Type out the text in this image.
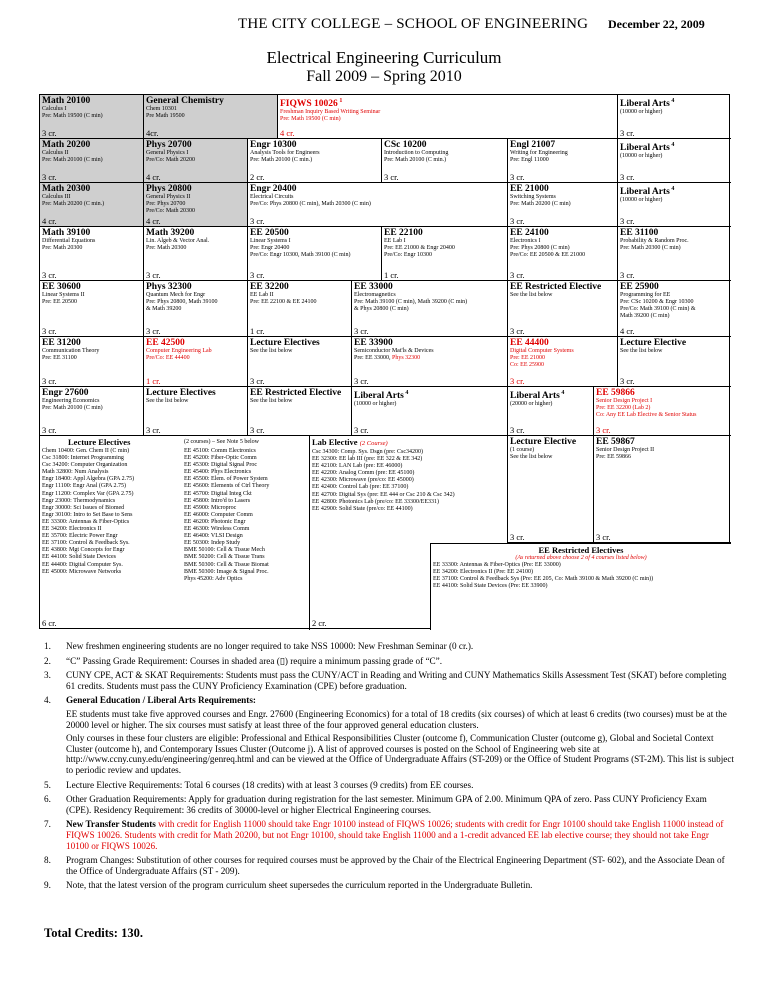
THE CITY COLLEGE – SCHOOL OF ENGINEERING December 22, 2009
Electrical Engineering Curriculum
Fall 2009 – Spring 2010
Math 20100
Calculus I
Pre: Math 19500 (C min)
3 cr.
General Chemistry
Chem 10301
Pre Math 19500
4cr.
FIQWS 10026 $^1$
Freshman Inquiry Based Writing Seminar
Pre: Math 19500 (C min)
4 cr.
Liberal Arts $^4$
(10000 or higher)
3 cr.
Math 20200
Calculus II
Pre: Math 20100 (C min)
3 cr.
Phys 20700
General Physics I
Pre/Co: Math 20200
4 cr.
Engr 10300
Analysis Tools for Engineers
Pre: Math 20100 (C min.)
2 cr.
CSc 10200
Introduction to Computing
Pre: Math 20100 (C min.)
3 cr.
Engl 21007
Writing for Engineering
Pre: Engl 11000
3 cr.
Liberal Arts $^4$
(10000 or higher)
3 cr.
Math 20300
Calculus III
Pre: Math 20200 (C min.)
4 cr.
Phys 20800
General Physics II
Pre: Phys 20700
Pre/Co: Math 20300
4 cr.
Engr 20400
Electrical Circuits
Pre/Co: Phys 20800 (C min), Math 20300 (C min)
3 cr.
EE 21000
Switching Systems
Pre: Math 20200 (C min)
3 cr.
Liberal Arts $^4$
(10000 or higher)
3 cr.
Math 39100
Differential Equations
Pre: Math 20300
3 cr.
Math 39200
Lin. Algeb & Vector Anal.
Pre: Math 20300
3 cr.
EE 20500
Linear Systems I
Pre: Engr 20400
Pre/Co: Engr 10300, Math 39100 (C min)
3 cr.
EE 22100
EE Lab I
Pre: EE 21000 & Engr 20400
Pre/Co: Engr 10300
1 cr.
EE 24100
Electronics I
Pre: Phys 20800 (C min)
Pre/Co: EE 20500 & EE 21000
3 cr.
EE 31100
Probability & Random Proc.
Pre: Math 20300 (C min)
3 cr.
EE 30600
Linear Systems II
Pre: EE 20500
3 cr.
Phys 32300
Quantum Mech for Engr
Pre: Phys 20800, Math 39100
& Math 39200
3 cr.
EE 32200
EE Lab II
Pre: EE 22100 & EE 24100
1 cr.
EE 33000
Electromagnetics
Pre: Math 39100 (C min), Math 39200 (C min)
& Phys 20800 (C min)
3 cr.
EE Restricted Elective
See the list below
3 cr.
EE 25900
Programming for EE
Pre: CSc 10200 & Engr 10300
Pre/Co: Math 39100 (C min) &
Math 39200 (C min)
4 cr.
EE 31200
Communication Theory
Pre: EE 31100
3 cr.
EE 42500
Computer Engineering Lab
Pre/Co: EE 44400
1 cr.
Lecture Electives
See the list below
3 cr.
EE 33900
Semiconductor Mat'ls & Devices
Pre: EE 33000, Phys 32300
3 cr.
EE 44400
Digital Computer Systems
Pre: EE 21000
Co: EE 25900
3 cr.
Lecture Elective
See the list below
3 cr.
Engr 27600
Engineering Economics
Pre: Math 20100 (C min)
3 cr.
Lecture Electives
See the list below
3 cr.
EE Restricted Elective
See the list below
3 cr.
Liberal Arts $^4$
(10000 or higher)
3 cr.
Liberal Arts $^4$
(20000 or higher)
3 cr.
EE 59866
Senior Design Project I
Pre: EE 32200 (Lab 2)
Co: Any EE Lab Elective & Senior Status
3 cr.
Lecture Elective
(1 course)
See the list below
3 cr.
EE 59867
Senior Design Project II
Pre: EE 59866
3 cr.
Lecture Electives	(2 courses) – See Note 5 below
Chem 10400: Gen. Chem II (C min)
Csc 31800: Internet Programming
Csc 34200: Computer Organization
Math 32800: Num Analysis
Engr 18400: Appl Algebra (GPA 2.75)
Engr 11100: Engr Anal (GPA 2.75)
Engr 11200: Complex Var (GPA 2.75)
Engr 23000: Thermodynamics
Engr 30000: Sci Issues of Biomed
Engr 30100: Intro to Set Base to Sens
EE 33300: Antennas & Fiber-Optics
EE 34200: Electronics II
EE 35700: Electric Power Engr
EE 37100: Control & Feedback Sys.
EE 43800: Mgt Concepts for Engr
EE 44100: Solid State Devices
EE 44400: Digital Computer Sys.
EE 45000: Microwave Networks
EE 45100: Comm Electronics
EE 45200: Fiber-Optic Comm
EE 45300: Digital Signal Proc
EE 45400: Phys Electronics
EE 45500: Elem. of Power System
EE 45600: Elements of Ctrl Theory
EE 45700: Digital Integ Ckt
EE 45800: Intro'd to Lasers
EE 45900: Microproc
EE 46000: Computer Comm
EE 46200: Photonic Engr
EE 46300: Wireless Comm
EE 46400: VLSI Design
EE 50300: Indep Study
BME 50100: Cell & Tissue Mech
BME 50200: Cell & Tissue Trans
BME 50300: Cell & Tissue Biomat
BME 50300: Image & Signal Proc.
Phys 45200: Adv Optics
6 cr.
Lab Elective (2 Course)
Csc 34300: Comp. Sys. Dsgn (pre: Csc34200)
EE 32300: EE lab III (pre: EE 322 & EE 342)
EE 42100: LAN Lab (pre: EE 46000)
EE 42200: Analog Comm (pre: EE 45100)
EE 42300: Microwave (pre/co: EE 45000)
EE 42400: Control Lab (pre: EE 37100)
EE 42700: Digital Sys (pre: EE 444 or Csc 210 & Csc 342)
EE 42800: Photonics Lab (pre/co: EE 33300/EE331)
EE 42900: Solid State (pre/co: EE 44100)
2 cr.
EE Restricted Electives
(As returned above choose 2 of 4 courses listed below)
EE 33300: Antennas & Fiber-Optics (Pre: EE 33000)
EE 34200: Electronics II (Pre: EE 24100)
EE 37100: Control & Feedback Sys (Pre: EE 205, Co: Math 39100 & Math 39200 (C min))
EE 44100: Solid State Devices (Pre: EE 33900)
1. New freshmen engineering students are no longer required to take NSS 10000: New Freshman Seminar (0 cr.).
2. “C” Passing Grade Requirement: Courses in shaded area (▯) require a minimum passing grade of “C”.
3. CUNY CPE, ACT & SKAT Requirements: Students must pass the CUNY/ACT in Reading and Writing and CUNY Mathematics Skills Assessment Test (SKAT) before completing 61 credits. Students must pass the CUNY Proficiency Examination (CPE) before graduation.
4. General Education / Liberal Arts Requirements:

EE students must take five approved courses and Engr. 27600 (Engineering Economics) for a total of 18 credits (six courses) of which at least 6 credits (two courses) must be at the 20000 level or higher. The six courses must satisfy at least three of the four approved general education clusters.

Only courses in these four clusters are eligible: Professional and Ethical Responsibilities Cluster (outcome f), Communication Cluster (outcome g), Global and Societal Context Cluster (outcome h), and Contemporary Issues Cluster (Outcome j). A list of approved courses is posted on the School of Engineering web site at http://www.ccny.cuny.edu/engineering/genreq.html and can be viewed at the Office of Undergraduate Affairs (ST-209) or the Office of Student Programs (ST-2M). This list is subject to periodic review and updates.

5. Lecture Elective Requirements: Total 6 courses (18 credits) with at least 3 courses (9 credits) from EE courses.
6. Other Graduation Requirements: Apply for graduation during registration for the last semester. Minimum GPA of 2.00. Minimum QPA of zero. Pass CUNY Proficiency Exam (CPE). Residency Requirement: 36 credits of 30000-level or higher Electrical Engineering courses.
7. New Transfer Students with credit for English 11000 should take Engr 10100 instead of FIQWS 10026; students with credit for Engr 10100 should take English 11000 instead of FIQWS 10026. Students with credit for Math 20200, but not Engr 10100, should take English 11000 and a 1-credit advanced EE lab elective course; they should not take Engr 10100 or FIQWS 10026.
8. Program Changes: Substitution of other courses for required courses must be approved by the Chair of the Electrical Engineering Department (ST- 602), and the Associate Dean of the Office of Undergraduate Affairs (ST - 209).
9. Note, that the latest version of the program curriculum sheet supersedes the curriculum reported in the Undergraduate Bulletin.
Total Credits: 130.
